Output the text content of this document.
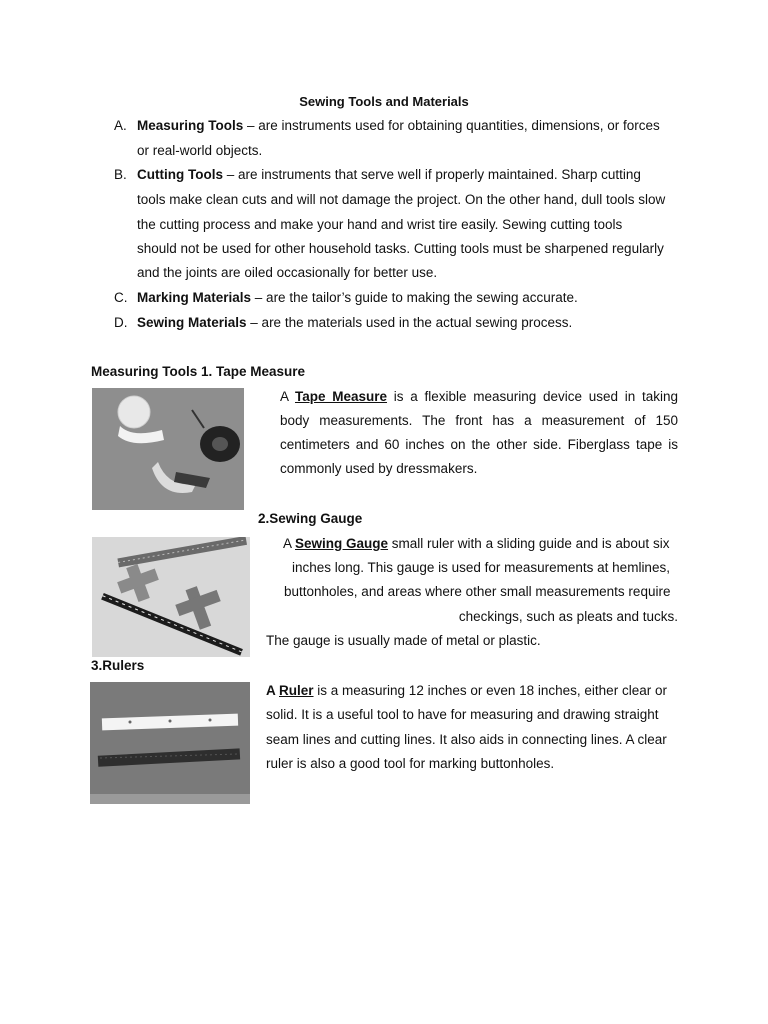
Sewing Tools and Materials
A. Measuring Tools – are instruments used for obtaining quantities, dimensions, or forces
or real-world objects.
B. Cutting Tools – are instruments that serve well if properly maintained. Sharp cutting
tools make clean cuts and will not damage the project. On the other hand, dull tools slow
the cutting process and make your hand and wrist tire easily. Sewing cutting tools
should not be used for other household tasks. Cutting tools must be sharpened regularly
and the joints are oiled occasionally for better use.
C. Marking Materials – are the tailor’s guide to making the sewing accurate.
D. Sewing Materials – are the materials used in the actual sewing process.
Measuring Tools 1. Tape Measure
A Tape Measure is a flexible measuring device used in taking
body measurements. The front has a measurement of 150
centimeters and 60 inches on the other side. Fiberglass tape is
commonly used by dressmakers.
2.Sewing Gauge
A Sewing Gauge small ruler with a sliding guide and is about six
inches long. This gauge is used for measurements at hemlines,
buttonholes, and areas where other small measurements require
checkings, such as pleats and tucks.
The gauge is usually made of metal or plastic.
3.Rulers
A Ruler is a measuring 12 inches or even 18 inches, either clear or
solid. It is a useful tool to have for measuring and drawing straight
seam lines and cutting lines. It also aids in connecting lines. A clear
ruler is also a good tool for marking buttonholes.
